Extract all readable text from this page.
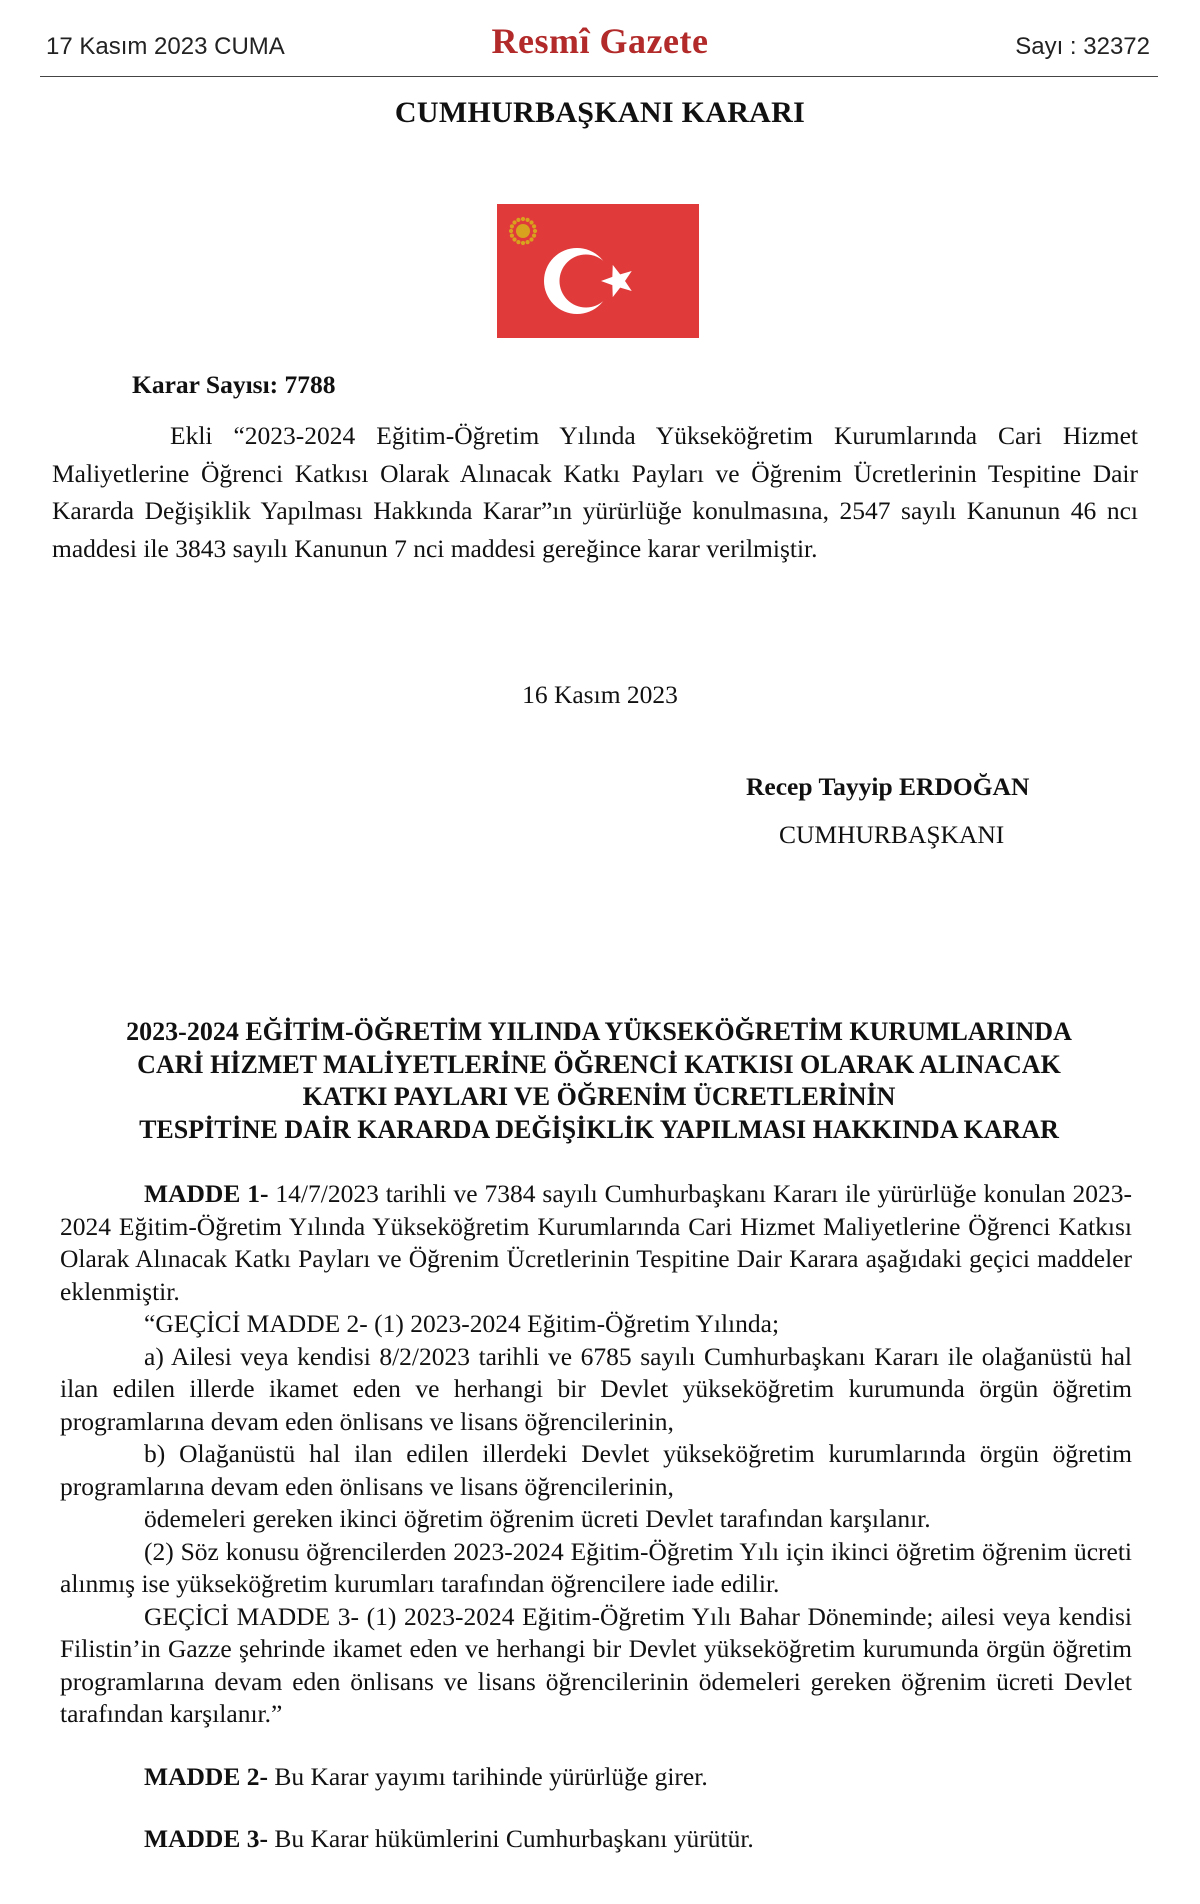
17 Kasım 2023 CUMA	Resmî Gazete	Sayı : 32372
CUMHURBAŞKANI KARARI
Karar Sayısı: 7788

Ekli “2023-2024 Eğitim-Öğretim Yılında Yükseköğretim Kurumlarında Cari Hizmet Maliyetlerine Öğrenci Katkısı Olarak Alınacak Katkı Payları ve Öğrenim Ücretlerinin Tespitine Dair Kararda Değişiklik Yapılması Hakkında Karar”ın yürürlüğe konulmasına, 2547 sayılı Kanunun 46 ncı maddesi ile 3843 sayılı Kanunun 7 nci maddesi gereğince karar verilmiştir.

16 Kasım 2023
Recep Tayyip ERDOĞAN
CUMHURBAŞKANI
2023-2024 EĞİTİM-ÖĞRETİM YILINDA YÜKSEKÖĞRETİM KURUMLARINDA
CARİ HİZMET MALİYETLERİNE ÖĞRENCİ KATKISI OLARAK ALINACAK
KATKI PAYLARI VE ÖĞRENİM ÜCRETLERİNİN
TESPİTİNE DAİR KARARDA DEĞİŞİKLİK YAPILMASI HAKKINDA KARAR

MADDE 1- 14/7/2023 tarihli ve 7384 sayılı Cumhurbaşkanı Kararı ile yürürlüğe konulan 2023-2024 Eğitim-Öğretim Yılında Yükseköğretim Kurumlarında Cari Hizmet Maliyetlerine Öğrenci Katkısı Olarak Alınacak Katkı Payları ve Öğrenim Ücretlerinin Tespitine Dair Karara aşağıdaki geçici maddeler eklenmiştir.

“GEÇİCİ MADDE 2- (1) 2023-2024 Eğitim-Öğretim Yılında;

a) Ailesi veya kendisi 8/2/2023 tarihli ve 6785 sayılı Cumhurbaşkanı Kararı ile olağanüstü hal ilan edilen illerde ikamet eden ve herhangi bir Devlet yükseköğretim kurumunda örgün öğretim programlarına devam eden önlisans ve lisans öğrencilerinin,

b) Olağanüstü hal ilan edilen illerdeki Devlet yükseköğretim kurumlarında örgün öğretim programlarına devam eden önlisans ve lisans öğrencilerinin,

ödemeleri gereken ikinci öğretim öğrenim ücreti Devlet tarafından karşılanır.

(2) Söz konusu öğrencilerden 2023-2024 Eğitim-Öğretim Yılı için ikinci öğretim öğrenim ücreti alınmış ise yükseköğretim kurumları tarafından öğrencilere iade edilir.

GEÇİCİ MADDE 3- (1) 2023-2024 Eğitim-Öğretim Yılı Bahar Döneminde; ailesi veya kendisi Filistin’in Gazze şehrinde ikamet eden ve herhangi bir Devlet yükseköğretim kurumunda örgün öğretim programlarına devam eden önlisans ve lisans öğrencilerinin ödemeleri gereken öğrenim ücreti Devlet tarafından karşılanır.”

MADDE 2- Bu Karar yayımı tarihinde yürürlüğe girer.

MADDE 3- Bu Karar hükümlerini Cumhurbaşkanı yürütür.
